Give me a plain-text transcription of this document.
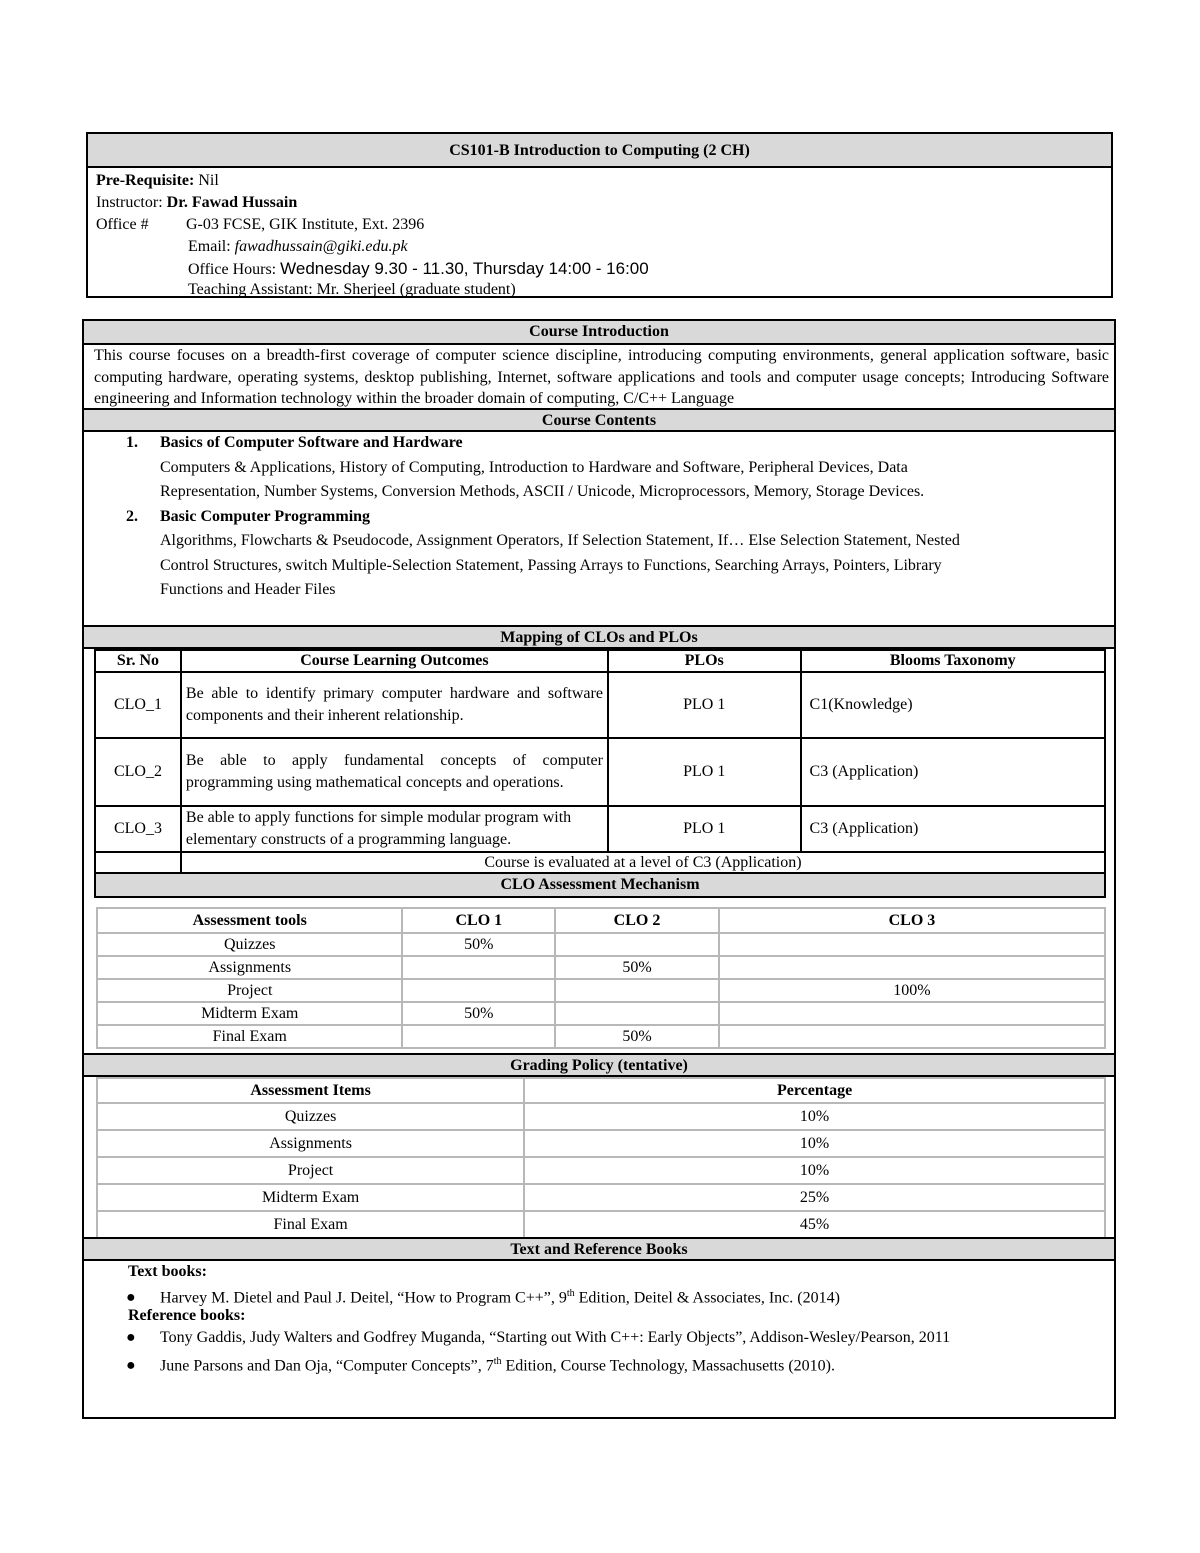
CS101-B Introduction to Computing (2 CH)
Pre-Requisite: Nil
Instructor: Dr. Fawad Hussain
Office # G-03 FCSE, GIK Institute, Ext. 2396
Email: fawadhussain@giki.edu.pk
Office Hours: Wednesday 9.30 - 11.30, Thursday 14:00 - 16:00
Teaching Assistant: Mr. Sherjeel (graduate student)
Course Introduction
This course focuses on a breadth-first coverage of computer science discipline, introducing computing environments, general application software, basic computing hardware, operating systems, desktop publishing, Internet, software applications and tools and computer usage concepts; Introducing Software engineering and Information technology within the broader domain of computing, C/C++ Language
Course Contents
1. Basics of Computer Software and Hardware
Computers & Applications, History of Computing, Introduction to Hardware and Software, Peripheral Devices, Data
Representation, Number Systems, Conversion Methods, ASCII / Unicode, Microprocessors, Memory, Storage Devices.
2. Basic Computer Programming
Algorithms, Flowcharts & Pseudocode, Assignment Operators, If Selection Statement, If… Else Selection Statement, Nested
Control Structures, switch Multiple-Selection Statement, Passing Arrays to Functions, Searching Arrays, Pointers, Library
Functions and Header Files
Mapping of CLOs and PLOs
Sr. No	Course Learning Outcomes	PLOs	Blooms Taxonomy
CLO_1	Be able to identify primary computer hardware and software components and their inherent relationship.	PLO 1	C1(Knowledge)
CLO_2	Be able to apply fundamental concepts of computer programming using mathematical concepts and operations.	PLO 1	C3 (Application)
CLO_3	Be able to apply functions for simple modular program with elementary constructs of a programming language.	PLO 1	C3 (Application)
	Course is evaluated at a level of C3 (Application)		
CLO Assessment Mechanism			
Assessment tools	CLO 1	CLO 2	CLO 3
Quizzes	50%		
Assignments		50%	
Project			100%
Midterm Exam	50%		
Final Exam		50%	
Grading Policy (tentative)
Assessment Items	Percentage
Quizzes	10%
Assignments	10%
Project	10%
Midterm Exam	25%
Final Exam	45%
Text and Reference Books
Text books:
● Harvey M. Dietel and Paul J. Deitel, “How to Program C++”, 9th Edition, Deitel & Associates, Inc. (2014)
Reference books:
● Tony Gaddis, Judy Walters and Godfrey Muganda, “Starting out With C++: Early Objects”, Addison-Wesley/Pearson, 2011
● June Parsons and Dan Oja, “Computer Concepts”, 7th Edition, Course Technology, Massachusetts (2010).
